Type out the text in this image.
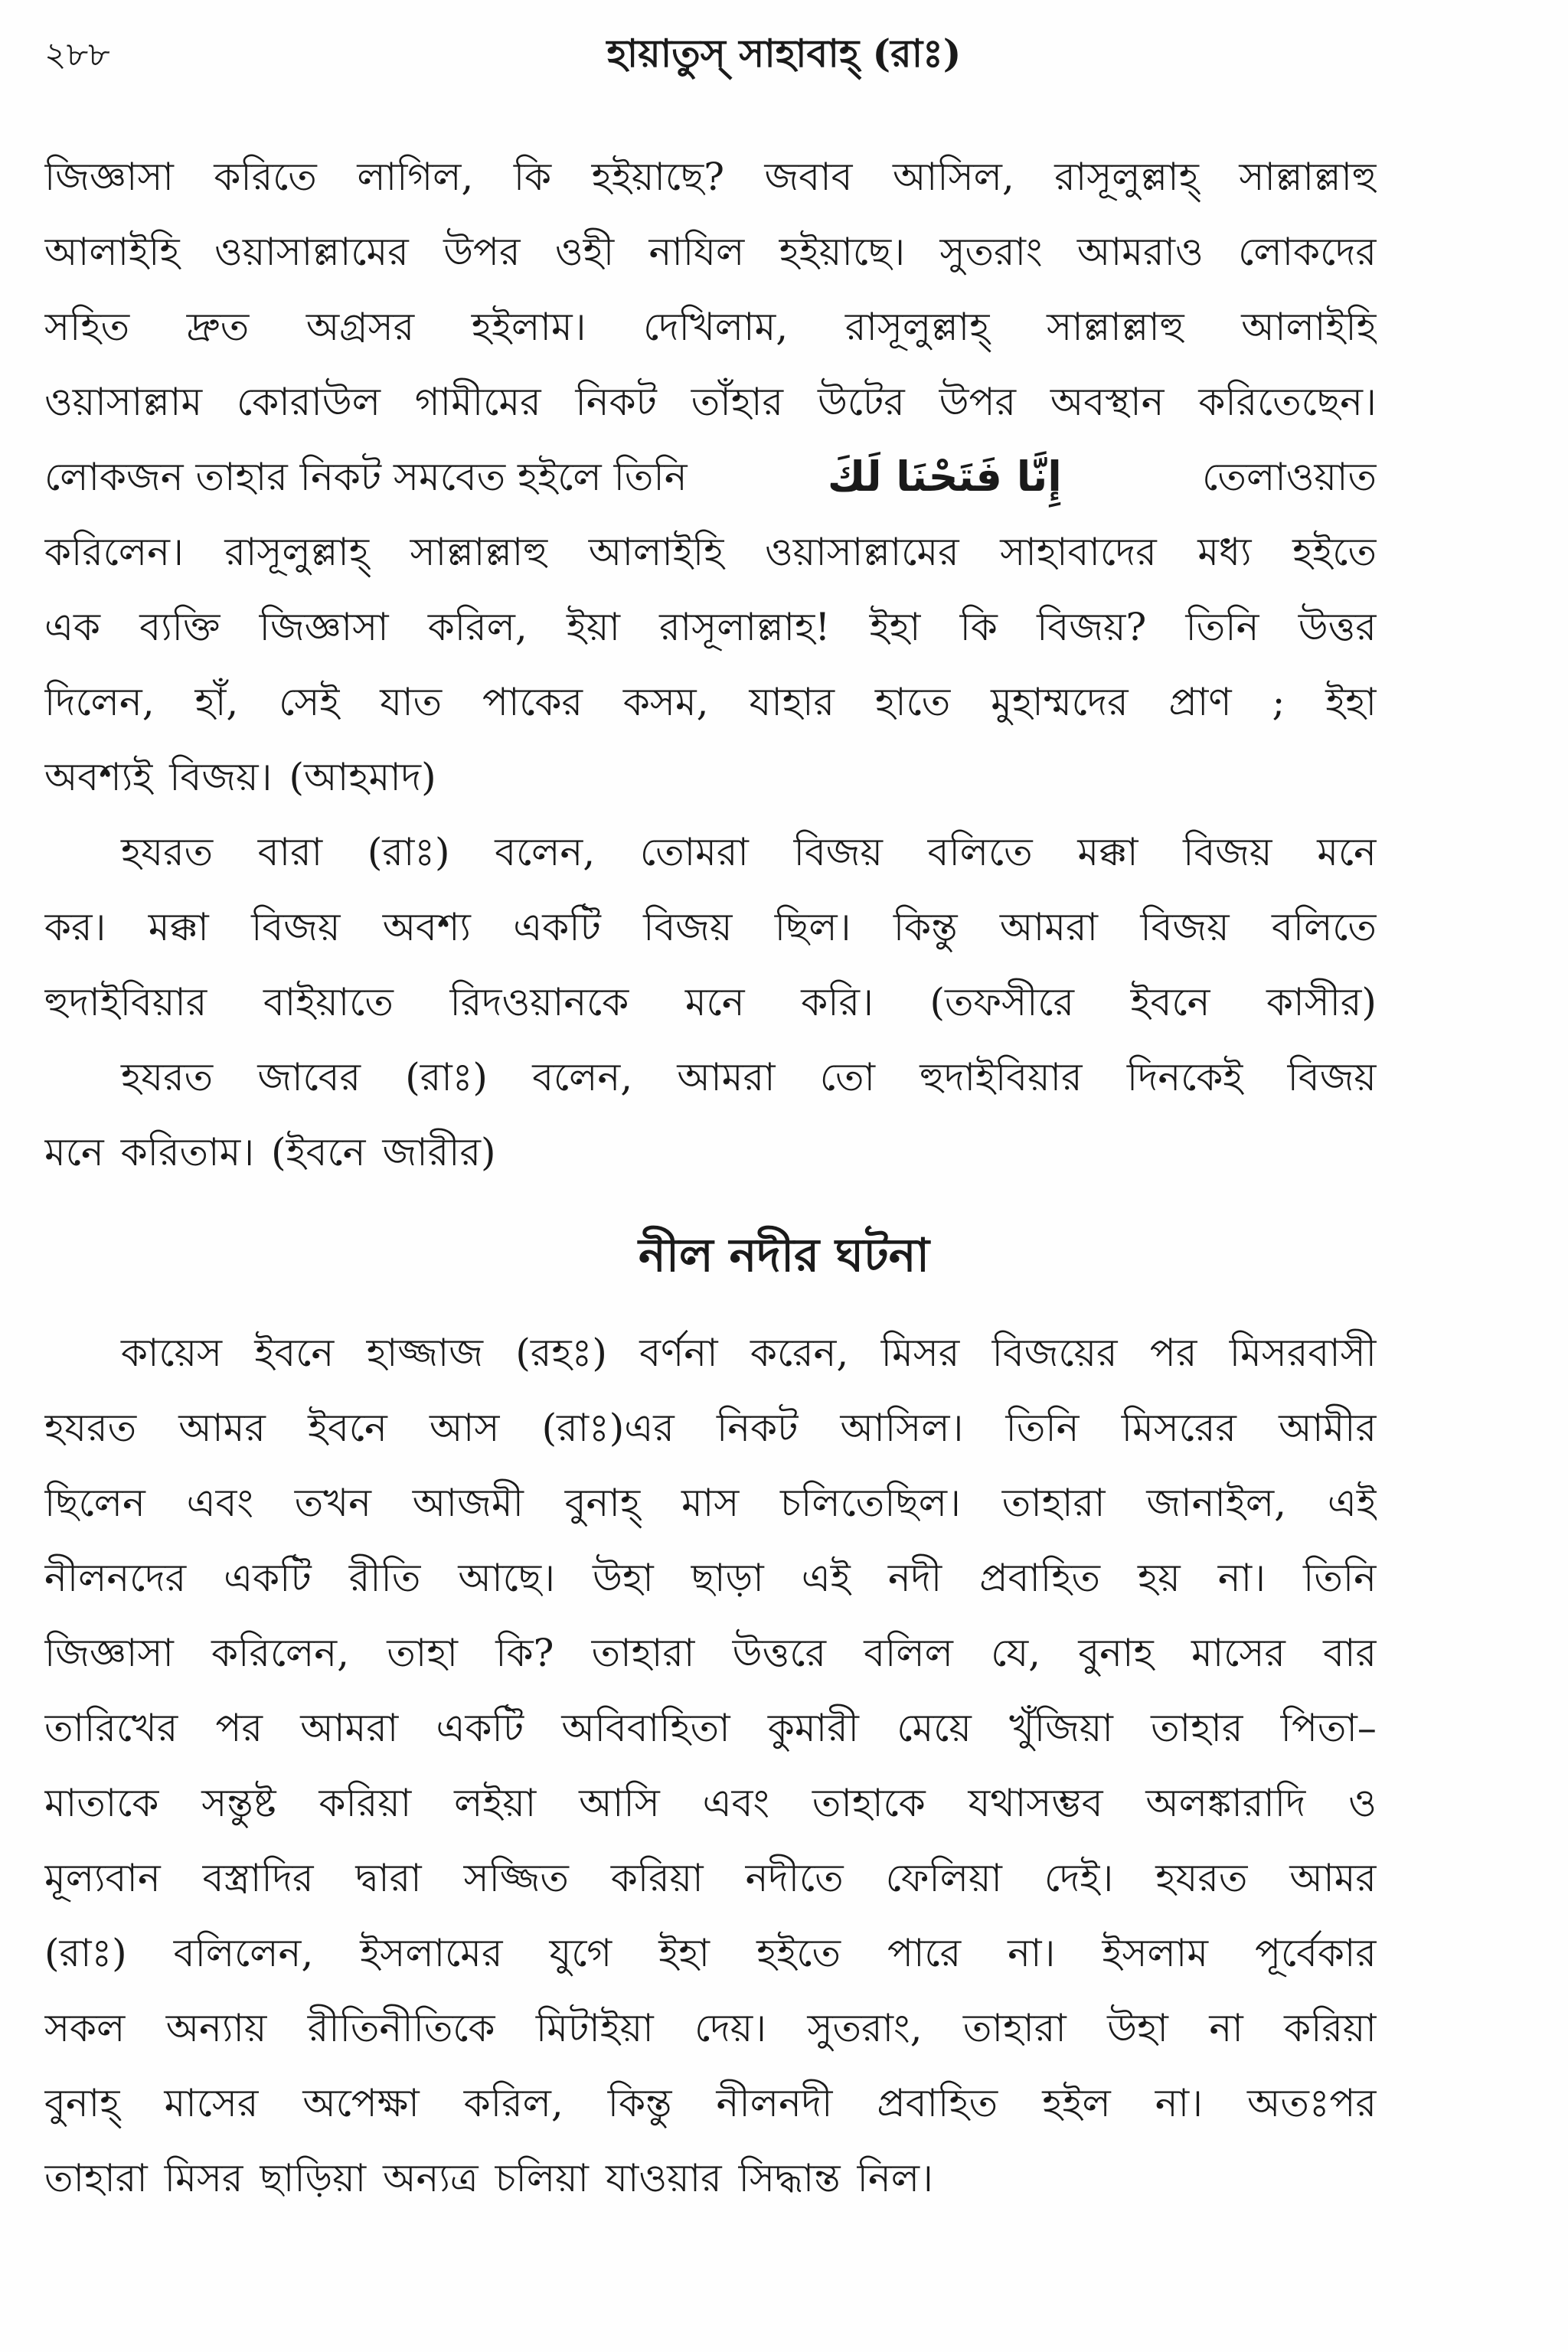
২৮৮	হায়াতুস্ সাহাবাহ্ (রাঃ)
জিজ্ঞাসা করিতে লাগিল, কি হইয়াছে? জবাব আসিল, রাসূলুল্লাহ্ সাল্লাল্লাহু
আলাইহি ওয়াসাল্লামের উপর ওহী নাযিল হইয়াছে। সুতরাং আমরাও লোকদের
সহিত দ্রুত অগ্রসর হইলাম। দেখিলাম, রাসূলুল্লাহ্ সাল্লাল্লাহু আলাইহি
ওয়াসাল্লাম কোরাউল গামীমের নিকট তাঁহার উটের উপর অবস্থান করিতেছেন।
লোকজন তাহার নিকট সমবেত হইলে তিনি	إِنَّا فَتَحْنَا لَكَ	তেলাওয়াত
করিলেন। রাসূলুল্লাহ্ সাল্লাল্লাহু আলাইহি ওয়াসাল্লামের সাহাবাদের মধ্য হইতে
এক ব্যক্তি জিজ্ঞাসা করিল, ইয়া রাসূলাল্লাহ! ইহা কি বিজয়? তিনি উত্তর
দিলেন, হাঁ, সেই যাত পাকের কসম, যাহার হাতে মুহাম্মদের প্রাণ ; ইহা
অবশ্যই বিজয়। (আহমাদ)
হযরত বারা (রাঃ) বলেন, তোমরা বিজয় বলিতে মক্কা বিজয় মনে
কর। মক্কা বিজয় অবশ্য একটি বিজয় ছিল। কিন্তু আমরা বিজয় বলিতে
হুদাইবিয়ার বাইয়াতে রিদওয়ানকে মনে করি। (তফসীরে ইবনে কাসীর)
হযরত জাবের (রাঃ) বলেন, আমরা তো হুদাইবিয়ার দিনকেই বিজয়
মনে করিতাম। (ইবনে জারীর)
নীল নদীর ঘটনা
কায়েস ইবনে হাজ্জাজ (রহঃ) বর্ণনা করেন, মিসর বিজয়ের পর মিসরবাসী
হযরত আমর ইবনে আস (রাঃ)এর নিকট আসিল। তিনি মিসরের আমীর
ছিলেন এবং তখন আজমী বুনাহ্ মাস চলিতেছিল। তাহারা জানাইল, এই
নীলনদের একটি রীতি আছে। উহা ছাড়া এই নদী প্রবাহিত হয় না। তিনি
জিজ্ঞাসা করিলেন, তাহা কি? তাহারা উত্তরে বলিল যে, বুনাহ মাসের বার
তারিখের পর আমরা একটি অবিবাহিতা কুমারী মেয়ে খুঁজিয়া তাহার পিতা–
মাতাকে সন্তুষ্ট করিয়া লইয়া আসি এবং তাহাকে যথাসম্ভব অলঙ্কারাদি ও
মূল্যবান বস্ত্রাদির দ্বারা সজ্জিত করিয়া নদীতে ফেলিয়া দেই। হযরত আমর
(রাঃ) বলিলেন, ইসলামের যুগে ইহা হইতে পারে না। ইসলাম পূর্বেকার
সকল অন্যায় রীতিনীতিকে মিটাইয়া দেয়। সুতরাং, তাহারা উহা না করিয়া
বুনাহ্ মাসের অপেক্ষা করিল, কিন্তু নীলনদী প্রবাহিত হইল না। অতঃপর
তাহারা মিসর ছাড়িয়া অন্যত্র চলিয়া যাওয়ার সিদ্ধান্ত নিল।
